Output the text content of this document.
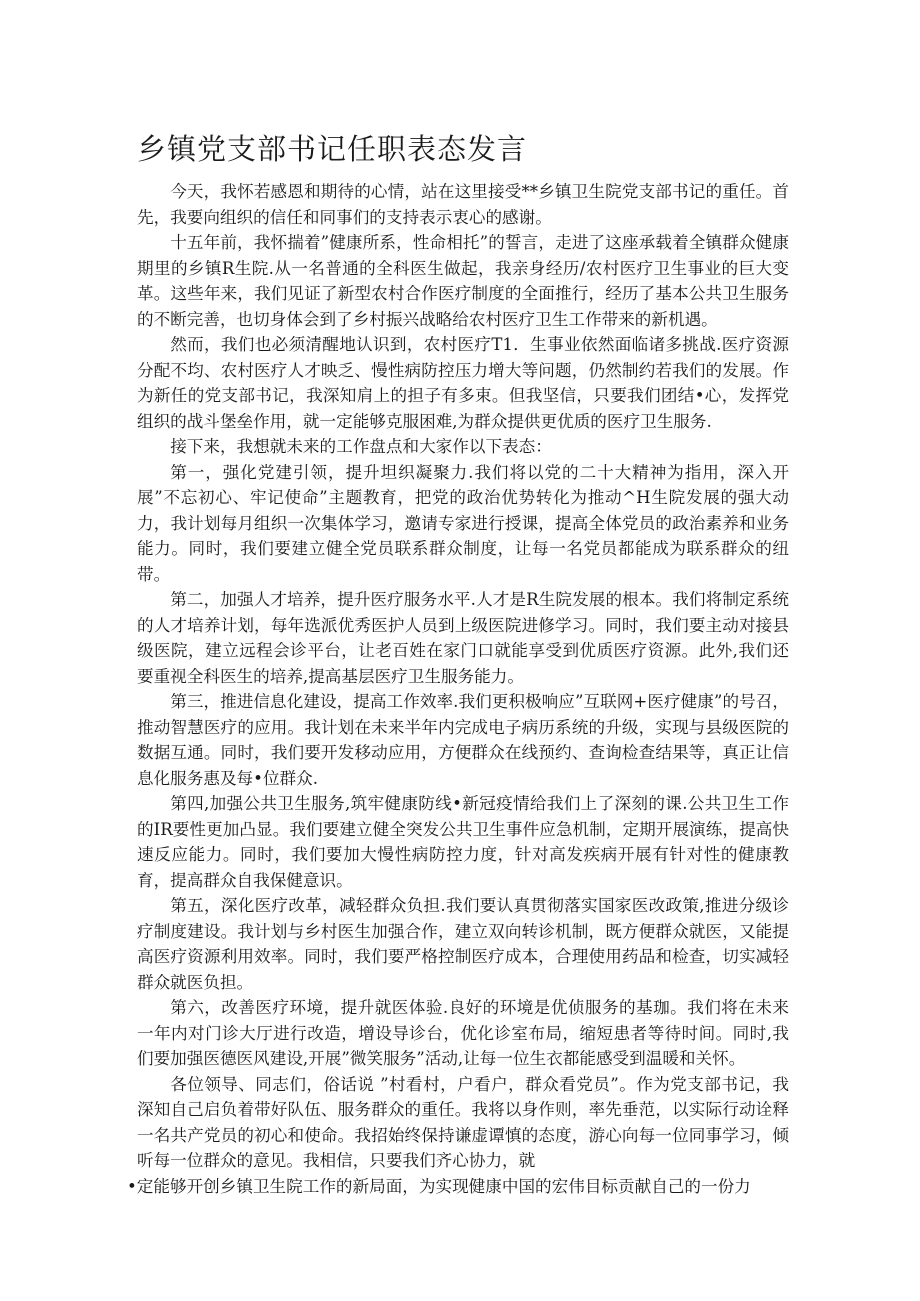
乡镇党支部书记任职表态发言

今天，我怀若感恩和期待的心情，站在这里接受**乡镇卫生院党支部书记的重任。首先，我要向组织的信任和同事们的支持表示衷心的感谢。

十五年前，我怀揣着”健康所系，性命相托”的誓言，走进了这座承载着全镇群众健康期里的乡镇R生院.从一名普通的全科医生做起，我亲身经历/农村医疗卫生事业的巨大变革。这些年来，我们见证了新型农村合作医疗制度的全面推行，经历了基本公共卫生服务的不断完善，也切身体会到了乡村振兴战略给农村医疗卫生工作带来的新机遇。

然而，我们也必须清醒地认识到，农村医疗T1．生事业依然面临诸多挑战.医疗资源分配不均、农村医疗人才映乏、慢性病防控压力增大等问题，仍然制约若我们的发展。作为新任的党支部书记，我深知肩上的担子有多束。但我坚信，只要我们团结•心，发挥党组织的战斗堡垒作用，就一定能够克服困难,为群众提供更优质的医疗卫生服务.

接下来，我想就未来的工作盘点和大家作以下表态：

第一，强化党建引领，提升坦织凝聚力.我们将以党的二十大精神为指用，深入开展”不忘初心、牢记使命”主题教育，把党的政治优势转化为推动^H生院发展的强大动力，我计划每月组织一次集体学习，邀请专家进行授课，提高全体党员的政治素养和业务能力。同时，我们要建立健全党员联系群众制度，让每一名党员都能成为联系群众的纽带。

第二，加强人才培养，提升医疗服务水平.人才是R生院发展的根本。我们将制定系统的人才培养计划，每年选派优秀医护人员到上级医院进修学习。同时，我们要主动对接县级医院，建立远程会诊平台，让老百姓在家门口就能享受到优质医疗资源。此外,我们还要重视全科医生的培养,提高基层医疗卫生服务能力。

第三，推进信息化建设，提高工作效率.我们更积极响应”互联网+医疗健康”的号召，推动智慧医疗的应用。我计划在未来半年内完成电子病历系统的升级，实现与县级医院的数据互通。同时，我们要开发移动应用，方便群众在线预约、查询检查结果等，真正让信息化服务惠及每•位群众.

第四,加强公共卫生服务,筑牢健康防线•新冠疫情给我们上了深刻的课.公共卫生工作的IR要性更加凸显。我们要建立健全突发公共卫生事件应急机制，定期开展演练，提高快速反应能力。同时，我们要加大慢性病防控力度，针对高发疾病开展有针对性的健康教育，提高群众自我保健意识。

第五，深化医疗改革，减轻群众负担.我们要认真贯彻落实国家医改政策,推进分级诊疗制度建设。我计划与乡村医生加强合作，建立双向转诊机制，既方便群众就医，又能提高医疗资源利用效率。同时，我们要严格控制医疗成本，合理使用药品和检查，切实减轻群众就医负担。

第六，改善医疗环境，提升就医体验.良好的环境是优侦服务的基珈。我们将在未来一年内对门诊大厅进行改造，增设导诊台，优化诊室布局，缩短患者等待时间。同时,我们要加强医德医风建设,开展”微笑服务”活动,让每一位生衣都能感受到温暖和关怀。

各位领导、同志们，俗话说 ”村看村，户看户，群众看党员”。作为党支部书记，我深知自己启负着带好队伍、服务群众的重任。我将以身作则，率先垂范，以实际行动诠释一名共产党员的初心和使命。我招始终保持谦虚谭慎的态度，游心向每一位同事学习，倾听每一位群众的意见。我相信，只要我们齐心协力，就

•定能够开创乡镇卫生院工作的新局面，为实现健康中国的宏伟目标贡献自己的一份力
